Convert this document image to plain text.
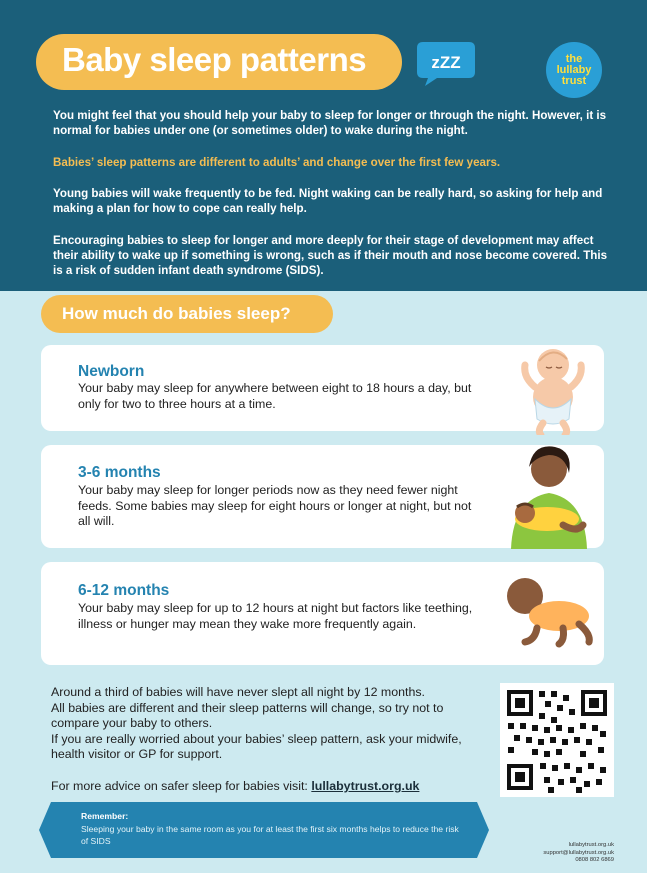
Baby sleep patterns	zZZ	the
lullaby
trust

You might feel that you should help your baby to sleep for longer or through the night. However, it is normal for babies under one (or sometimes older) to wake during the night.

Babies’ sleep patterns are different to adults’ and change over the first few years.

Young babies will wake frequently to be fed. Night waking can be really hard, so asking for help and making a plan for how to cope can really help.

Encouraging babies to sleep for longer and more deeply for their stage of development may affect their ability to wake up if something is wrong, such as if their mouth and nose become covered. This is a risk of sudden infant death syndrome (SIDS).

How much do babies sleep?
Newborn

Your baby may sleep for anywhere between eight to 18 hours a day, but only for two to three hours at a time.

3-6 months

Your baby may sleep for longer periods now as they need fewer night feeds. Some babies may sleep for eight hours or longer at night, but not all will.

6-12 months

Your baby may sleep for up to 12 hours at night but factors like teething, illness or hunger may mean they wake more frequently again.

Around a third of babies will have never slept all night by 12 months.

All babies are different and their sleep patterns will change, so try not to compare your baby to others.

If you are really worried about your babies’ sleep pattern, ask your midwife, health visitor or GP for support.

For more advice on safer sleep for babies visit: lullabytrust.org.uk

Remember:
Sleeping your baby in the same room as you for at least the first six months helps to reduce the risk of SIDS	lullabytrust.org.uk
support@lullabytrust.org.uk
0808 802 6869
